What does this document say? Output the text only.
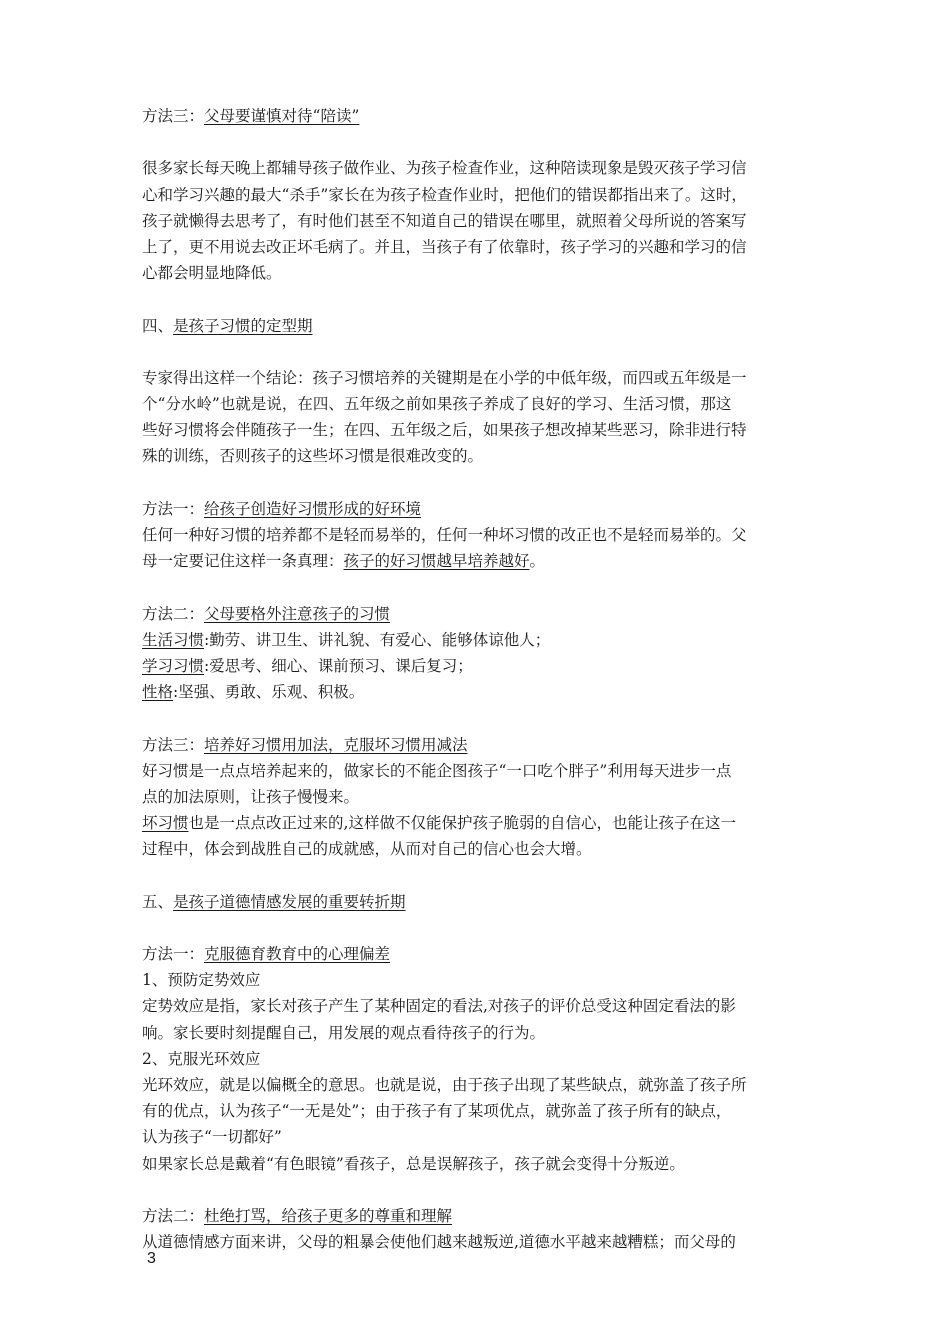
方法三：父母要谨慎对待“陪读”
很多家长每天晚上都辅导孩子做作业、为孩子检查作业，这种陪读现象是毁灭孩子学习信
心和学习兴趣的最大“杀手”家长在为孩子检查作业时，把他们的错误都指出来了。这时，
孩子就懒得去思考了，有时他们甚至不知道自己的错误在哪里，就照着父母所说的答案写
上了，更不用说去改正坏毛病了。并且，当孩子有了依靠时，孩子学习的兴趣和学习的信
心都会明显地降低。
四、是孩子习惯的定型期
专家得出这样一个结论：孩子习惯培养的关键期是在小学的中低年级，而四或五年级是一
个“分水岭”也就是说，在四、五年级之前如果孩子养成了良好的学习、生活习惯，那这
些好习惯将会伴随孩子一生；在四、五年级之后，如果孩子想改掉某些恶习，除非进行特
殊的训练，否则孩子的这些坏习惯是很难改变的。
方法一：给孩子创造好习惯形成的好环境
任何一种好习惯的培养都不是轻而易举的，任何一种坏习惯的改正也不是轻而易举的。父
母一定要记住这样一条真理：孩子的好习惯越早培养越好。
方法二：父母要格外注意孩子的习惯
生活习惯:勤劳、讲卫生、讲礼貌、有爱心、能够体谅他人；
学习习惯:爱思考、细心、课前预习、课后复习；
性格:坚强、勇敢、乐观、积极。
方法三：培养好习惯用加法，克服坏习惯用减法
好习惯是一点点培养起来的，做家长的不能企图孩子“一口吃个胖子”利用每天进步一点
点的加法原则，让孩子慢慢来。
坏习惯也是一点点改正过来的,这样做不仅能保护孩子脆弱的自信心，也能让孩子在这一
过程中，体会到战胜自己的成就感，从而对自己的信心也会大增。
五、是孩子道德情感发展的重要转折期
方法一：克服德育教育中的心理偏差
1、预防定势效应
定势效应是指，家长对孩子产生了某种固定的看法,对孩子的评价总受这种固定看法的影
响。家长要时刻提醒自己，用发展的观点看待孩子的行为。
2、克服光环效应
光环效应，就是以偏概全的意思。也就是说，由于孩子出现了某些缺点，就弥盖了孩子所
有的优点，认为孩子“一无是处”；由于孩子有了某项优点，就弥盖了孩子所有的缺点，
认为孩子“一切都好”
如果家长总是戴着“有色眼镜”看孩子，总是误解孩子，孩子就会变得十分叛逆。
方法二：杜绝打骂，给孩子更多的尊重和理解
从道德情感方面来讲，父母的粗暴会使他们越来越叛逆,道德水平越来越糟糕；而父母的
3
